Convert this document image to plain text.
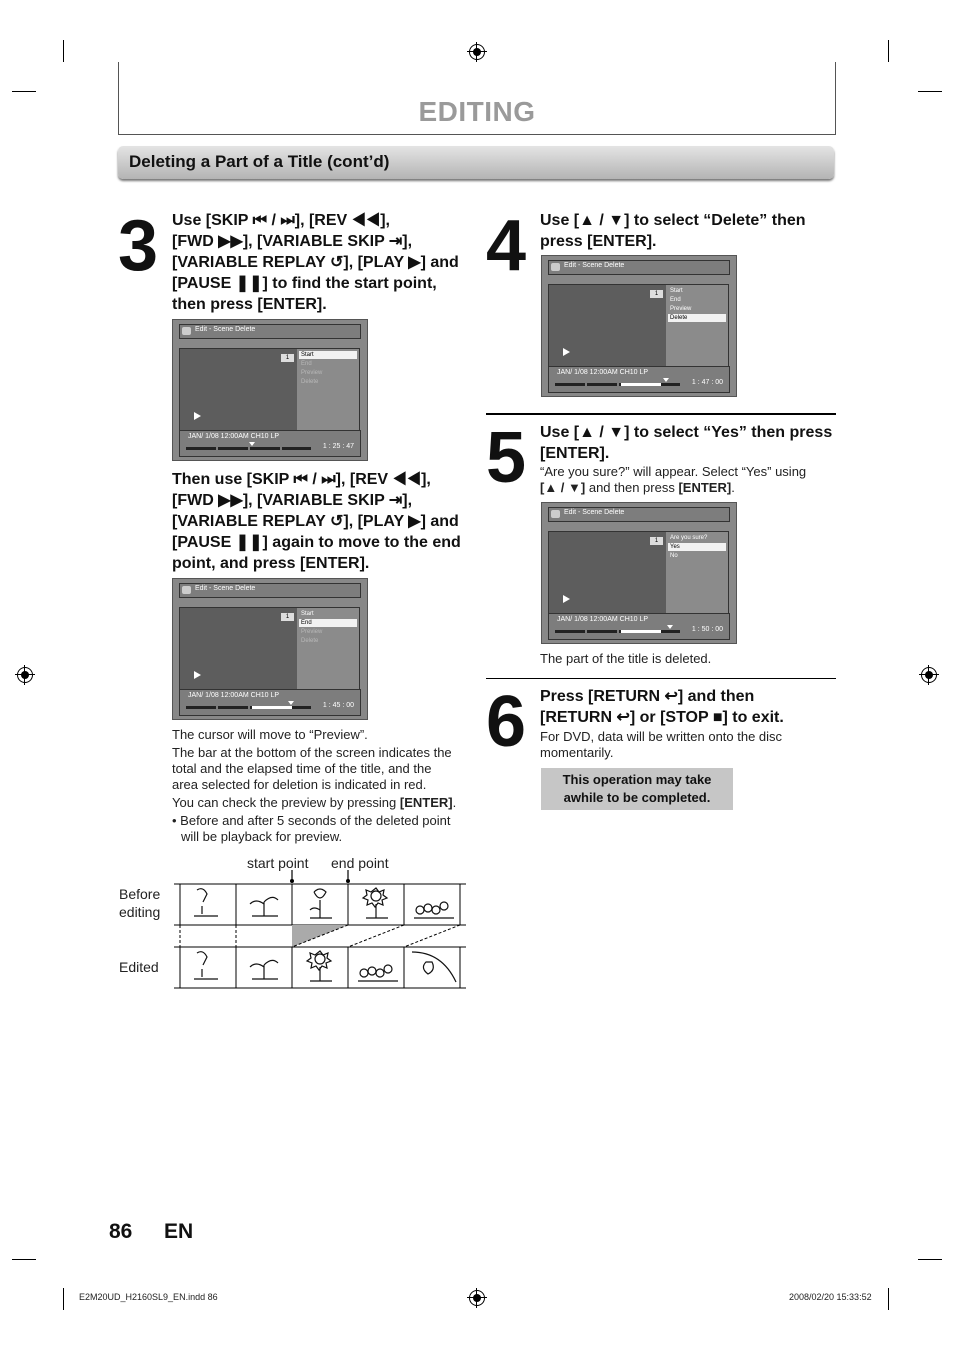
EDITING
Deleting a Part of a Title (cont’d)
3 Use [SKIP ⏮ / ⏭], [REV ◀◀],
[FWD ▶▶], [VARIABLE SKIP ⇥],
[VARIABLE REPLAY ↺], [PLAY ▶] and
[PAUSE ❚❚] to find the start point,
then press [ENTER].
Edit - Scene Delete
1	Start
End
Preview
Delete
JAN/ 1/08 12:00AM CH10 LP
1 : 25 : 47
Then use [SKIP ⏮ / ⏭], [REV ◀◀],
[FWD ▶▶], [VARIABLE SKIP ⇥],
[VARIABLE REPLAY ↺], [PLAY ▶] and
[PAUSE ❚❚] again to move to the end
point, and press [ENTER].
Edit - Scene Delete
1	Start
End
Preview
Delete
JAN/ 1/08 12:00AM CH10 LP
1 : 45 : 00
The cursor will move to “Preview”.
The bar at the bottom of the screen indicates the
total and the elapsed time of the title, and the
area selected for deletion is indicated in red.
You can check the preview by pressing [ENTER].
• Before and after 5 seconds of the deleted point
will be playback for preview.
start point end point
Before
editing
Edited
4 Use [▲ / ▼] to select “Delete” then
press [ENTER].
Edit - Scene Delete
1	Start
End
Preview
Delete
JAN/ 1/08 12:00AM CH10 LP
1 : 47 : 00
5 Use [▲ / ▼] to select “Yes” then press
[ENTER].
“Are you sure?” will appear. Select “Yes” using
[▲ / ▼] and then press [ENTER].
Edit - Scene Delete
1	Are you sure?
Yes
No
JAN/ 1/08 12:00AM CH10 LP
1 : 50 : 00
The part of the title is deleted.
6 Press [RETURN ↩] and then
[RETURN ↩] or [STOP ■] to exit.
For DVD, data will be written onto the disc
momentarily.
This operation may take
awhile to be completed.
86 EN
E2M20UD_H2160SL9_EN.indd 86	2008/02/20 15:33:52
